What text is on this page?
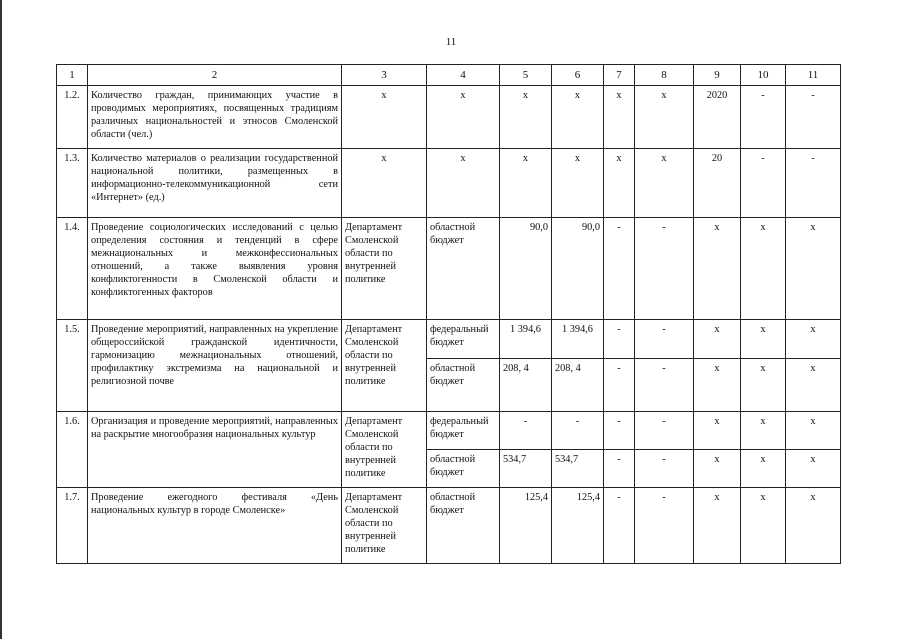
11
1	2	3	4	5	6	7	8	9	10	11
1.2.	Количество граждан, принимающих участие в проводимых мероприятиях, посвященных традициям различных национальностей и этносов Смоленской области (чел.)	х	х	х	х	х	х	2020	-	-
1.3.	Количество материалов о реализации государственной национальной политики, размещенных в информационно-телекоммуникационной сети «Интернет» (ед.)	х	х	х	х	х	х	20	-	-
1.4.	Проведение социологических исследований с целью определения состояния и тенденций в сфере межнациональных и межконфессиональных отношений, а также выявления уровня конфликтогенности в Смоленской области и конфликтогенных факторов	Департамент Смоленской области по внутренней политике	областной бюджет	90,0	90,0	-	-	х	х	х
1.5.	Проведение мероприятий, направленных на укрепление общероссийской гражданской идентичности, гармонизацию межнациональных отношений, профилактику экстремизма на национальной и религиозной почве	Департамент Смоленской области по внутренней политике	федеральный бюджет	1 394,6	1 394,6	-	-	х	х	х
			областной бюджет	208, 4	208, 4	-	-	х	х	х
1.6.	Организация и проведение мероприятий, направленных на раскрытие многообразия национальных культур	Департамент Смоленской области по внутренней политике	федеральный бюджет	-	-	-	-	х	х	х
			областной бюджет	534,7	534,7	-	-	х	х	х
1.7.	Проведение ежегодного фестиваля «День национальных культур в городе Смоленске»	Департамент Смоленской области по внутренней политике	областной бюджет	125,4	125,4	-	-	х	х	х
